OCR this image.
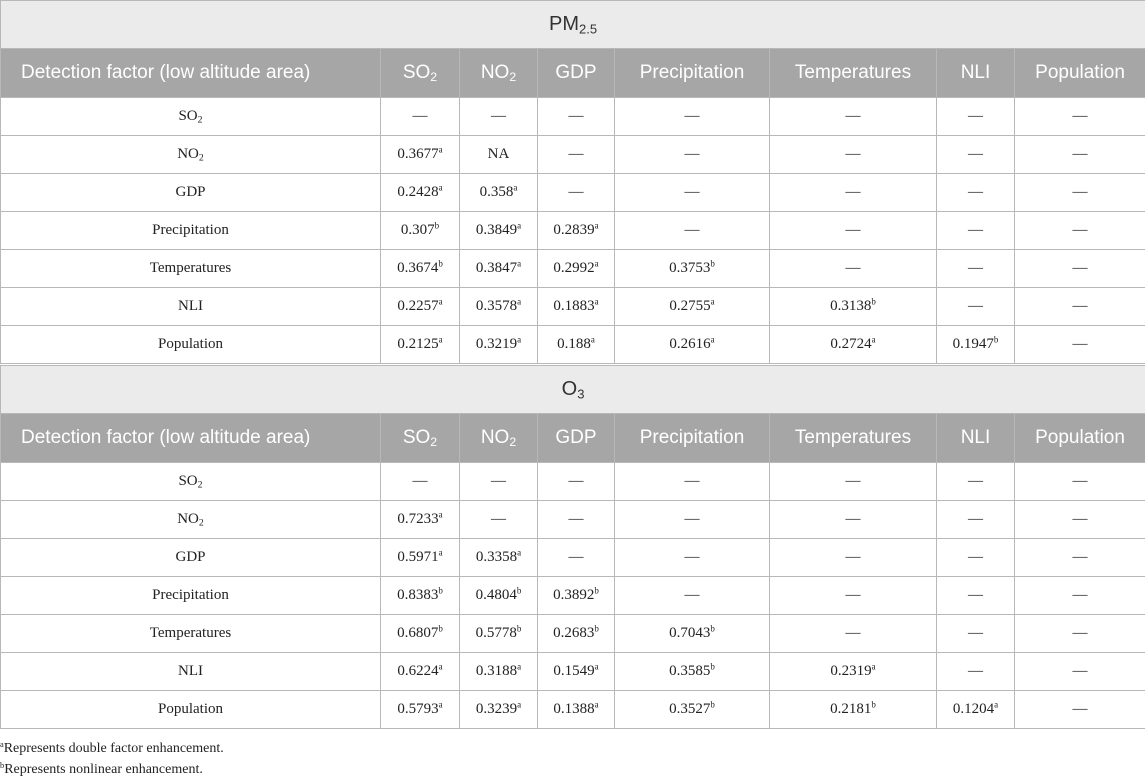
$PM_{2.5}$
Detection factor (low altitude area)	$SO_2$	$NO_2$	GDP	Precipitation	Temperatures	NLI	Population
$SO_2$	—	—	—	—	—	—	—
$NO_2$	0.3677$^a$	NA	—	—	—	—	—
GDP	0.2428$^a$	0.358$^a$	—	—	—	—	—
Precipitation	0.307$^b$	0.3849$^a$	0.2839$^a$	—	—	—	—
Temperatures	0.3674$^b$	0.3847$^a$	0.2992$^a$	0.3753$^b$	—	—	—
NLI	0.2257$^a$	0.3578$^a$	0.1883$^a$	0.2755$^a$	0.3138$^b$	—	—
Population	0.2125$^a$	0.3219$^a$	0.188$^a$	0.2616$^a$	0.2724$^a$	0.1947$^b$	—
$O_3$
Detection factor (low altitude area)	$SO_2$	$NO_2$	GDP	Precipitation	Temperatures	NLI	Population
$SO_2$	—	—	—	—	—	—	—
$NO_2$	0.7233$^a$	—	—	—	—	—	—
GDP	0.5971$^a$	0.3358$^a$	—	—	—	—	—
Precipitation	0.8383$^b$	0.4804$^b$	0.3892$^b$	—	—	—	—
Temperatures	0.6807$^b$	0.5778$^b$	0.2683$^b$	0.7043$^b$	—	—	—
NLI	0.6224$^a$	0.3188$^a$	0.1549$^a$	0.3585$^b$	0.2319$^a$	—	—
Population	0.5793$^a$	0.3239$^a$	0.1388$^a$	0.3527$^b$	0.2181$^b$	0.1204$^a$	—
$^a$Represents double factor enhancement.
$^b$Represents nonlinear enhancement.
